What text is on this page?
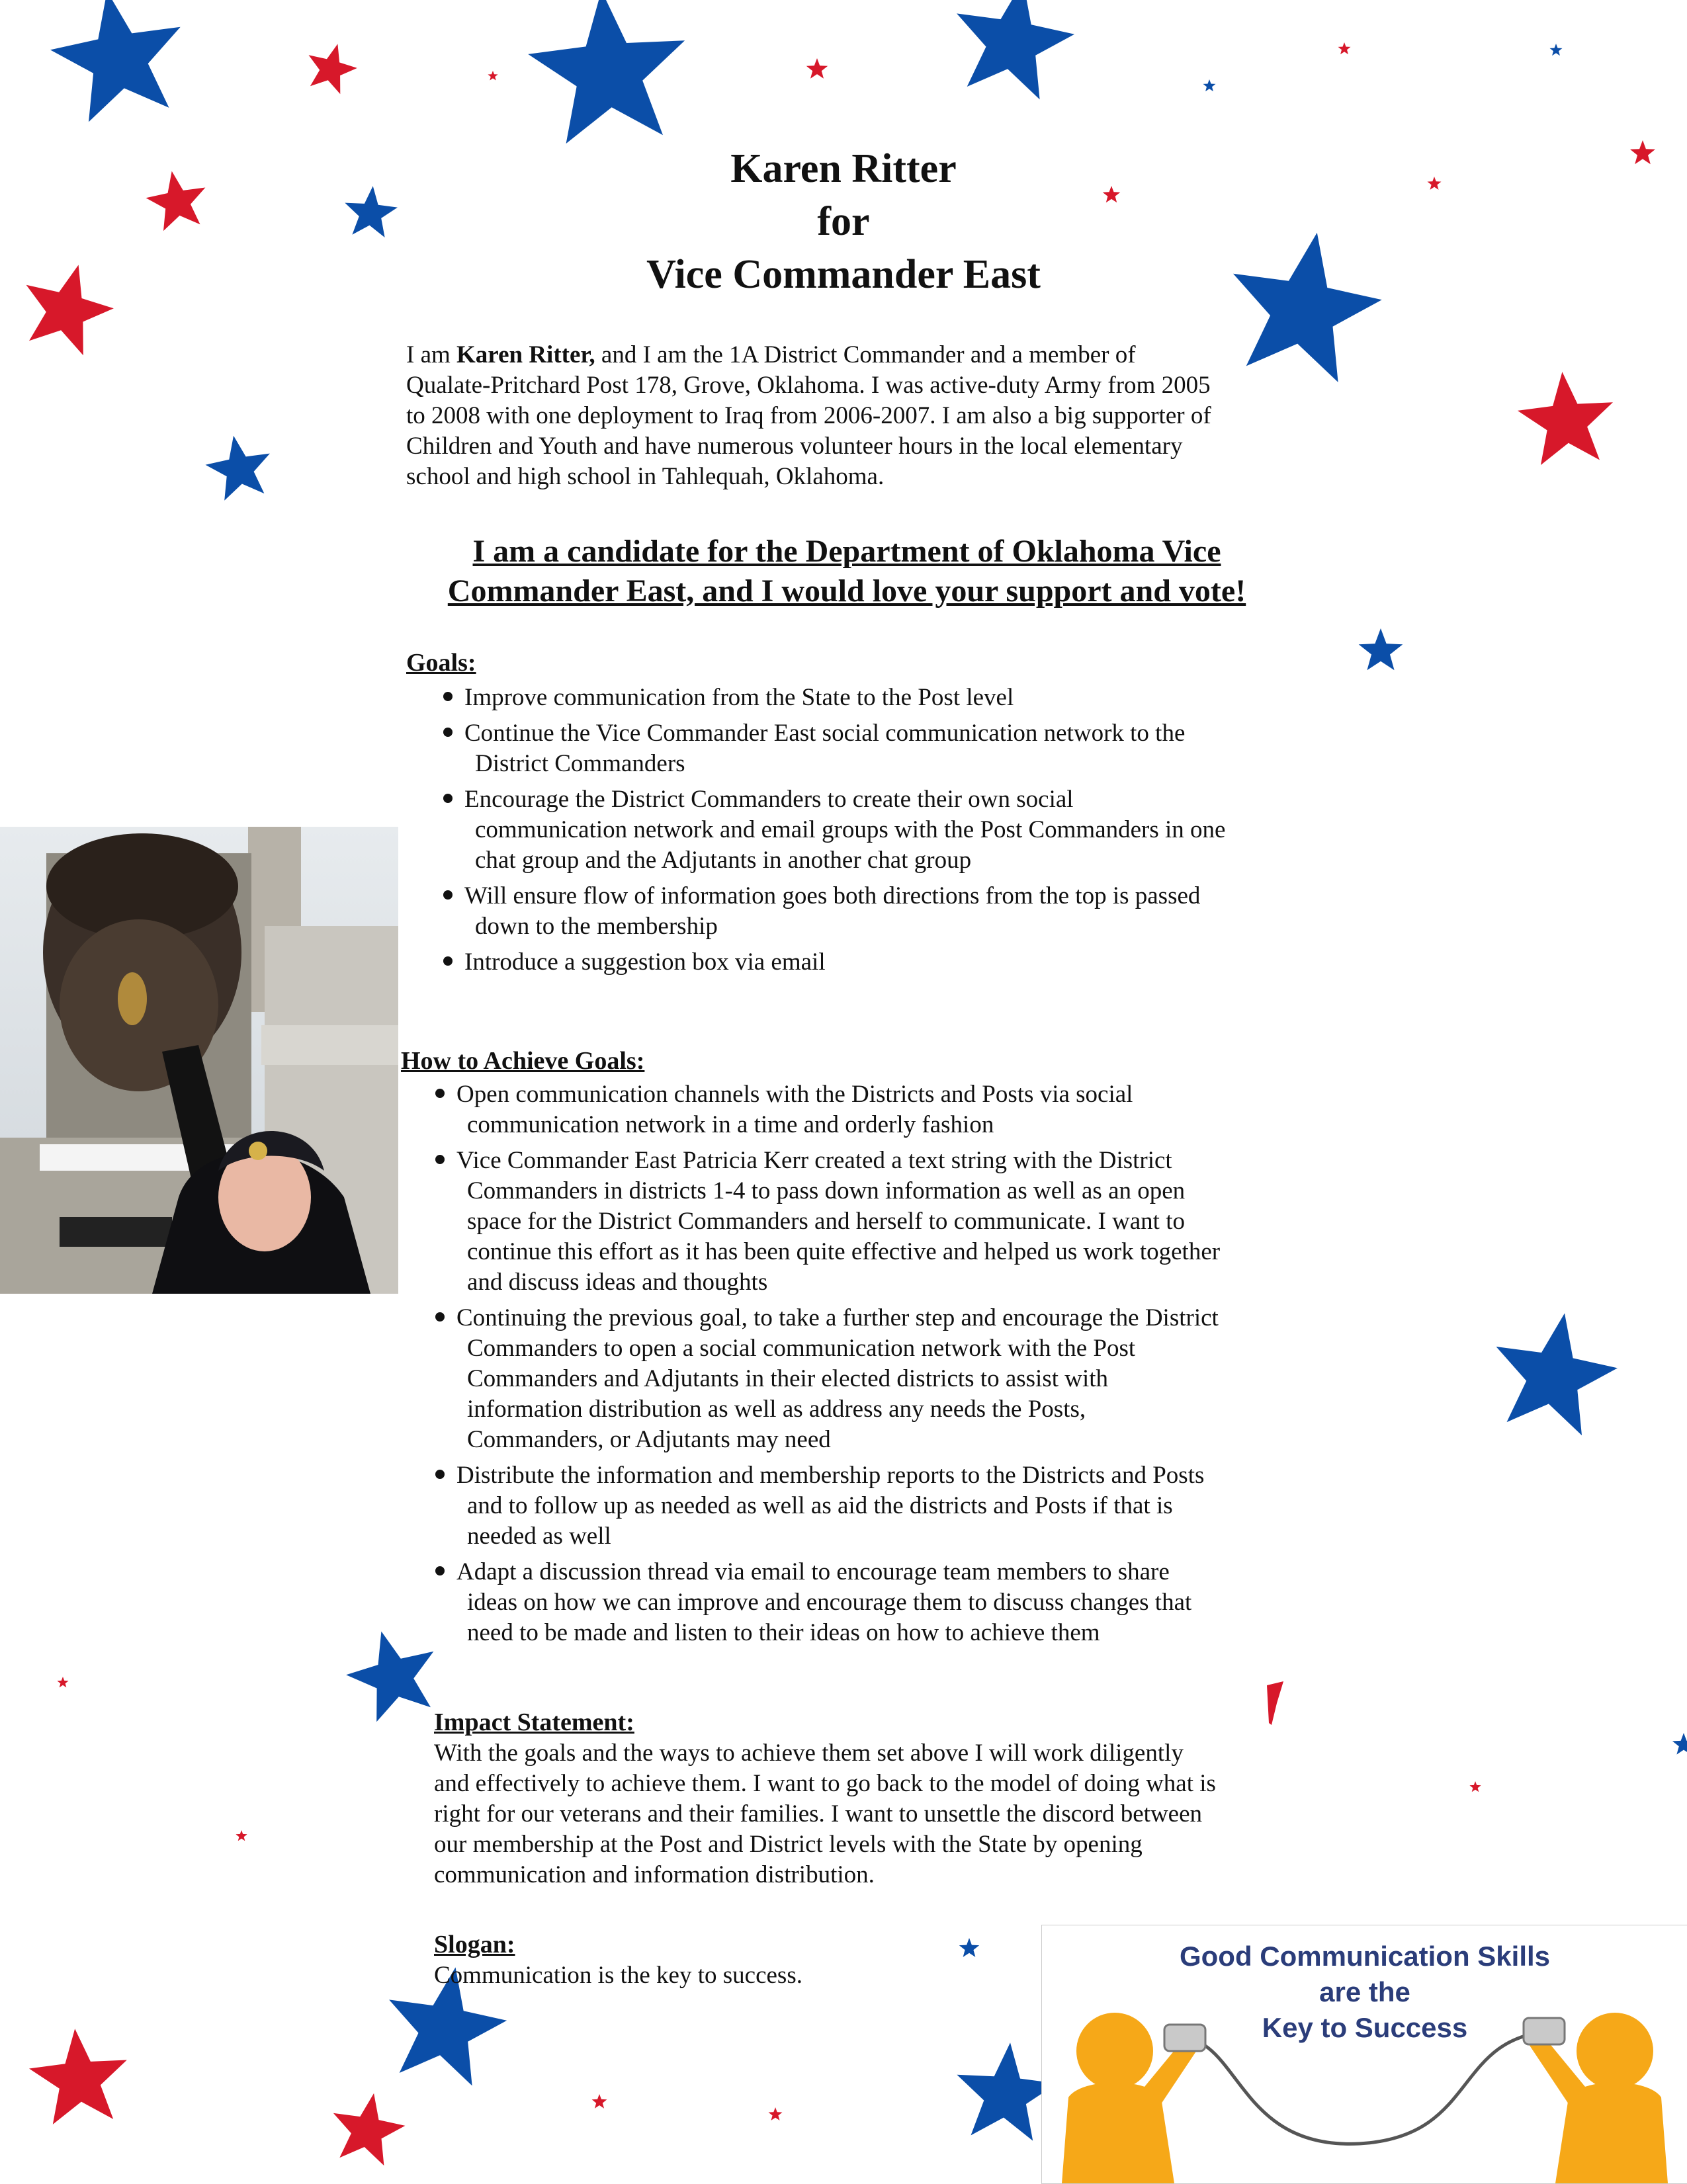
Karen Ritter
for
Vice Commander East
I am Karen Ritter, and I am the 1A District Commander and a member of
Qualate-Pritchard Post 178, Grove, Oklahoma. I was active-duty Army from 2005
to 2008 with one deployment to Iraq from 2006-2007. I am also a big supporter of
Children and Youth and have numerous volunteer hours in the local elementary
school and high school in Tahlequah, Oklahoma.
I am a candidate for the Department of Oklahoma Vice
Commander East, and I would love your support and vote!
Goals:
Improve communication from the State to the Post level
Continue the Vice Commander East social communication network to the
District Commanders
Encourage the District Commanders to create their own social
communication network and email groups with the Post Commanders in one
chat group and the Adjutants in another chat group
Will ensure flow of information goes both directions from the top is passed
down to the membership
Introduce a suggestion box via email
How to Achieve Goals:
Open communication channels with the Districts and Posts via social
communication network in a time and orderly fashion
Vice Commander East Patricia Kerr created a text string with the District
Commanders in districts 1-4 to pass down information as well as an open
space for the District Commanders and herself to communicate. I want to
continue this effort as it has been quite effective and helped us work together
and discuss ideas and thoughts
Continuing the previous goal, to take a further step and encourage the District
Commanders to open a social communication network with the Post
Commanders and Adjutants in their elected districts to assist with
information distribution as well as address any needs the Posts,
Commanders, or Adjutants may need
Distribute the information and membership reports to the Districts and Posts
and to follow up as needed as well as aid the districts and Posts if that is
needed as well
Adapt a discussion thread via email to encourage team members to share
ideas on how we can improve and encourage them to discuss changes that
need to be made and listen to their ideas on how to achieve them
Impact Statement:
With the goals and the ways to achieve them set above I will work diligently
and effectively to achieve them. I want to go back to the model of doing what is
right for our veterans and their families. I want to unsettle the discord between
our membership at the Post and District levels with the State by opening
communication and information distribution.
Slogan:
Communication is the key to success.
Good Communication Skills
are the
Key to Success
